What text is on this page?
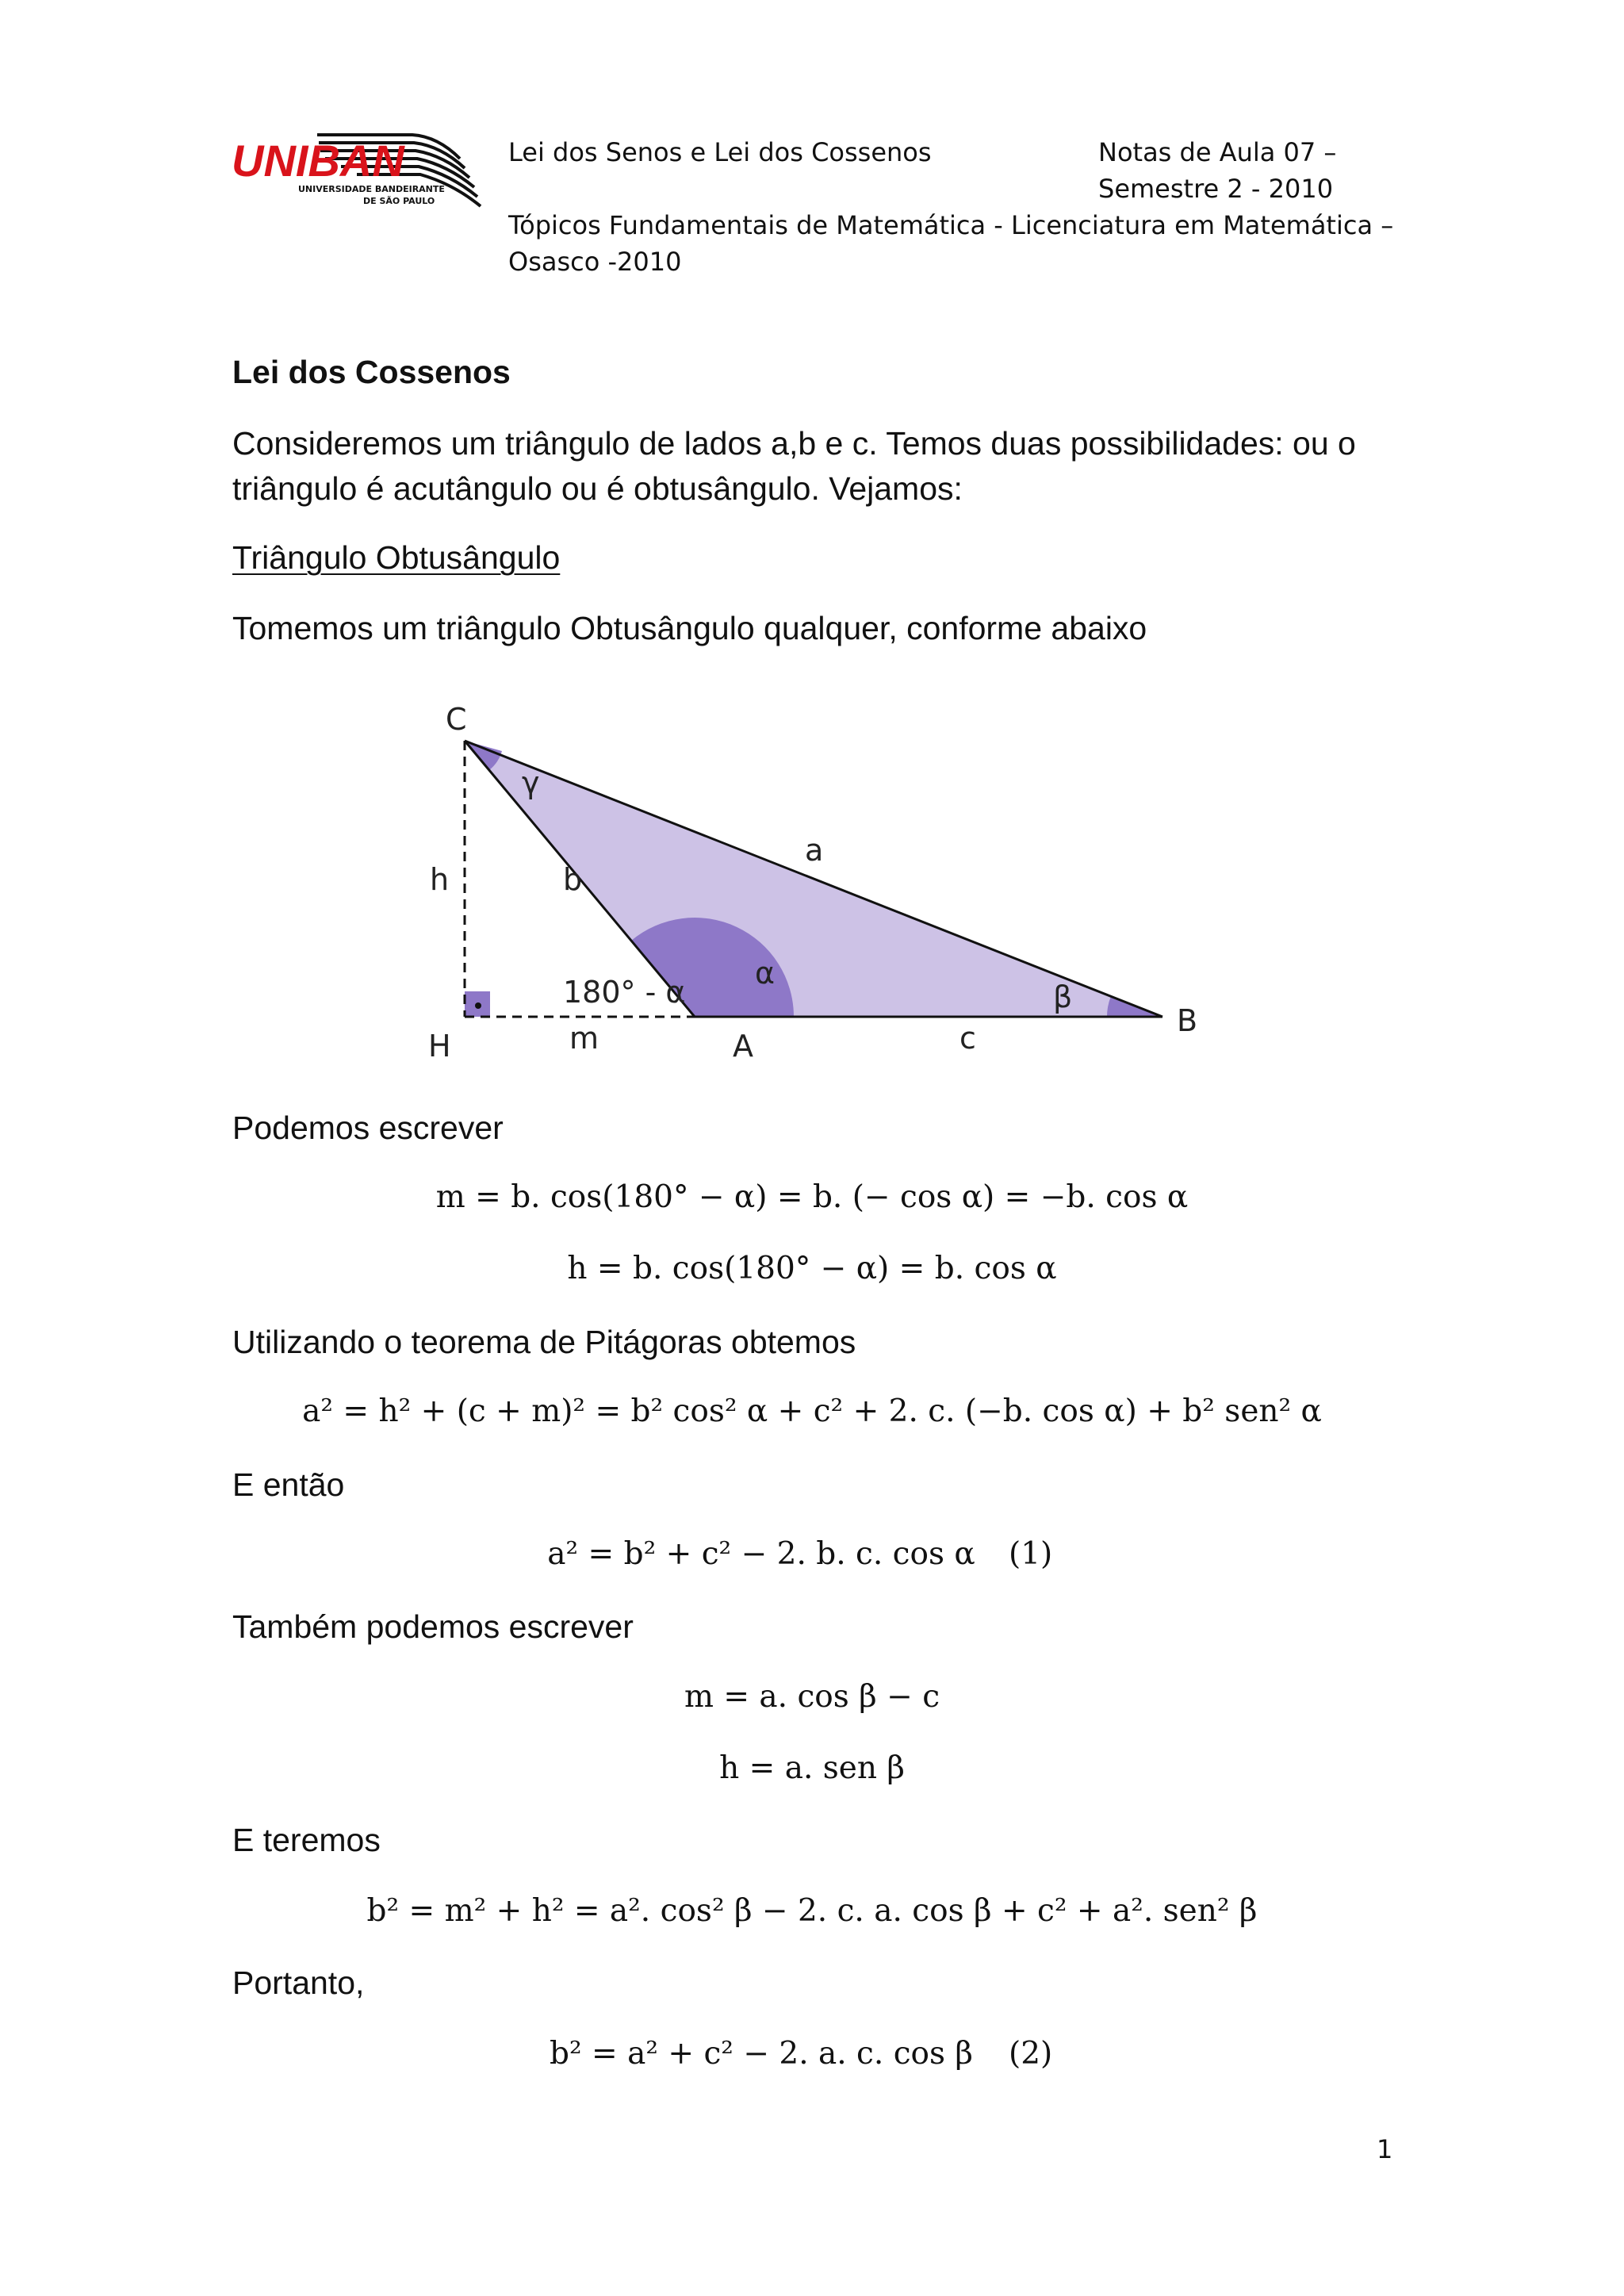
UNIBAN
UNIVERSIDADE BANDEIRANTE
DE SÃO PAULO
Lei dos Senos e Lei dos Cossenos	Notas de Aula 07 –
Semestre 2 - 2010
Tópicos Fundamentais de Matemática - Licenciatura em Matemática –
Osasco -2010
Lei dos Cossenos
Consideremos um triângulo de lados a,b e c. Temos duas possibilidades: ou o
triângulo é acutângulo ou é obtusângulo. Vejamos:
Triângulo Obtusângulo
Tomemos um triângulo Obtusângulo qualquer, conforme abaixo
C
h	b
a
γ
180° - α
α
β
H	m	A	c	B
Podemos escrever
m = b. cos(180° − α) = b. (− cos α) = −b. cos α
h = b. cos(180° − α) = b. cos α
Utilizando o teorema de Pitágoras obtemos
a² = h² + (c + m)² = b² cos² α + c² + 2. c. (−b. cos α) + b² sen² α
E então
a² = b² + c² − 2. b. c. cos α (1)
Também podemos escrever
m = a. cos β − c
h = a. sen β
E teremos
b² = m² + h² = a². cos² β − 2. c. a. cos β + c² + a². sen² β
Portanto,
b² = a² + c² − 2. a. c. cos β (2)
1
